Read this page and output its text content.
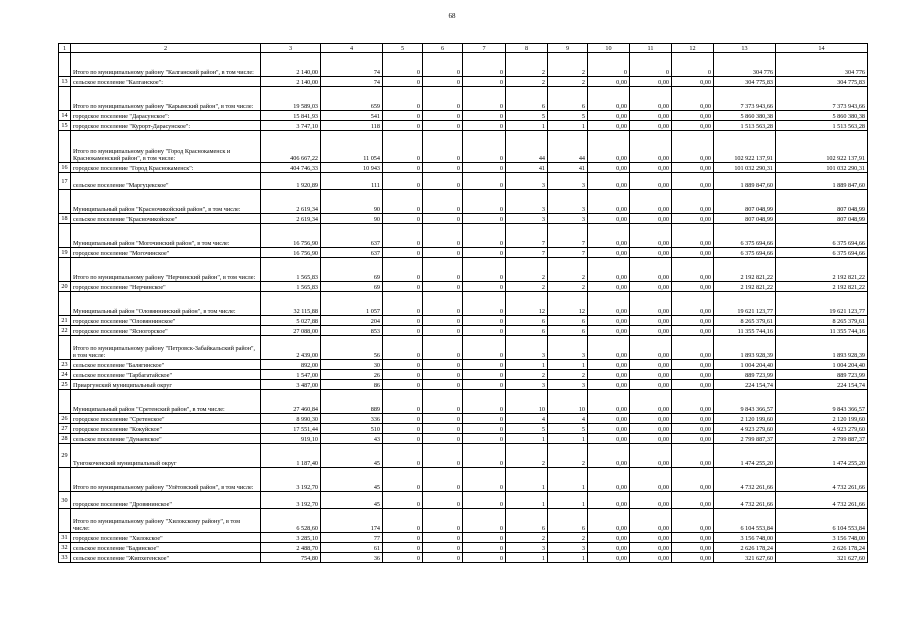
68
1	2	3	4	5	6	7	8	9	10	11	12	13	14
	Итого по муниципальному району "Калганский район", в том числе:	2 140,00	74	0	0	0	2	2	0	0	0	304 776	304 776
13	сельское поселение "Калганское":	2 140,00	74	0	0	0	2	2	0,00	0,00	0,00	304 775,83	304 775,83
	Итого по муниципальному району "Карымский район", в том числе:	19 589,03	659	0	0	0	6	6	0,00	0,00	0,00	7 373 943,66	7 373 943,66
14	городское поселение "Дарасунское":	15 841,93	541	0	0	0	5	5	0,00	0,00	0,00	5 860 380,38	5 860 380,38
15	городское поселение "Курорт-Дарасунское":	3 747,10	118	0	0	0	1	1	0,00	0,00	0,00	1 513 563,28	1 513 563,28
	Итого по муниципальному району "Город Краснокаменск и Краснокаменский район", в том числе:	406 667,22	11 054	0	0	0	44	44	0,00	0,00	0,00	102 922 137,91	102 922 137,91
16	городское поселение "Город Краснокаменск":	404 746,33	10 943	0	0	0	41	41	0,00	0,00	0,00	101 032 290,31	101 032 290,31
17	сельское поселение "Маргуцекское"	1 920,89	111	0	0	0	3	3	0,00	0,00	0,00	1 889 847,60	1 889 847,60
	Муниципальный район "Красночикойский район", в том числе:	2 619,34	90	0	0	0	3	3	0,00	0,00	0,00	807 048,99	807 048,99
18	сельское поселение "Красночикойское"	2 619,34	90	0	0	0	3	3	0,00	0,00	0,00	807 048,99	807 048,99
	Муниципальный район "Могочинский район", в том числе:	16 756,90	637	0	0	0	7	7	0,00	0,00	0,00	6 375 694,66	6 375 694,66
19	городское поселение "Могочинское"	16 756,90	637	0	0	0	7	7	0,00	0,00	0,00	6 375 694,66	6 375 694,66
	Итого по муниципальному району "Нерчинский район", в том числе:	1 565,83	69	0	0	0	2	2	0,00	0,00	0,00	2 192 821,22	2 192 821,22
20	городское поселение "Нерчинское"	1 565,83	69	0	0	0	2	2	0,00	0,00	0,00	2 192 821,22	2 192 821,22
	Муниципальный район "Оловяннинский район", в том числе:	32 115,88	1 057	0	0	0	12	12	0,00	0,00	0,00	19 621 123,77	19 621 123,77
21	городское поселение "Оловяннинское"	5 027,88	204	0	0	0	6	6	0,00	0,00	0,00	8 265 379,61	8 265 379,61
22	городское поселение "Ясногорское"	27 088,00	853	0	0	0	6	6	0,00	0,00	0,00	11 355 744,16	11 355 744,16
	Итого по муниципальному району "Петровск-Забайкальский район", в том числе:	2 439,00	56	0	0	0	3	3	0,00	0,00	0,00	1 893 928,39	1 893 928,39
23	сельское поселение "Балягинское"	892,00	30	0	0	0	1	1	0,00	0,00	0,00	1 004 204,40	1 004 204,40
24	сельское поселение "Тарбагатайское"	1 547,00	26	0	0	0	2	2	0,00	0,00	0,00	889 723,99	889 723,99
25	Приаргунский муниципальный округ	3 487,00	86	0	0	0	3	3	0,00	0,00	0,00	224 154,74	224 154,74
	Муниципальный район "Сретенский район", в том числе:	27 460,84	889	0	0	0	10	10	0,00	0,00	0,00	9 843 366,57	9 843 366,57
26	городское поселение "Сретенское"	8 990,30	336	0	0	0	4	4	0,00	0,00	0,00	2 120 199,60	2 120 199,60
27	городское поселение "Кокуйское"	17 551,44	510	0	0	0	5	5	0,00	0,00	0,00	4 923 279,60	4 923 279,60
28	сельское поселение "Дунаевское"	919,10	43	0	0	0	1	1	0,00	0,00	0,00	2 799 887,37	2 799 887,37
29	Тунгокоченский муниципальный округ	1 187,40	45	0	0	0	2	2	0,00	0,00	0,00	1 474 255,20	1 474 255,20
	Итого по муниципальному району "Улётовский район", в том числе:	3 192,70	45	0	0	0	1	1	0,00	0,00	0,00	4 732 261,66	4 732 261,66
30	городское поселение "Дровянинское"	3 192,70	45	0	0	0	1	1	0,00	0,00	0,00	4 732 261,66	4 732 261,66
	Итого по муниципальному району "Хилокскому району", в том числе:	6 528,60	174	0	0	0	6	6	0,00	0,00	0,00	6 104 553,84	6 104 553,84
31	городское поселение "Хилокское"	3 285,10	77	0	0	0	2	2	0,00	0,00	0,00	3 156 748,00	3 156 748,00
32	сельское поселение "Бадинское"	2 488,70	61	0	0	0	3	3	0,00	0,00	0,00	2 626 178,24	2 626 178,24
33	сельское поселение "Жипхегенское"	754,80	36	0	0	0	1	1	0,00	0,00	0,00	321 627,60	321 627,60
